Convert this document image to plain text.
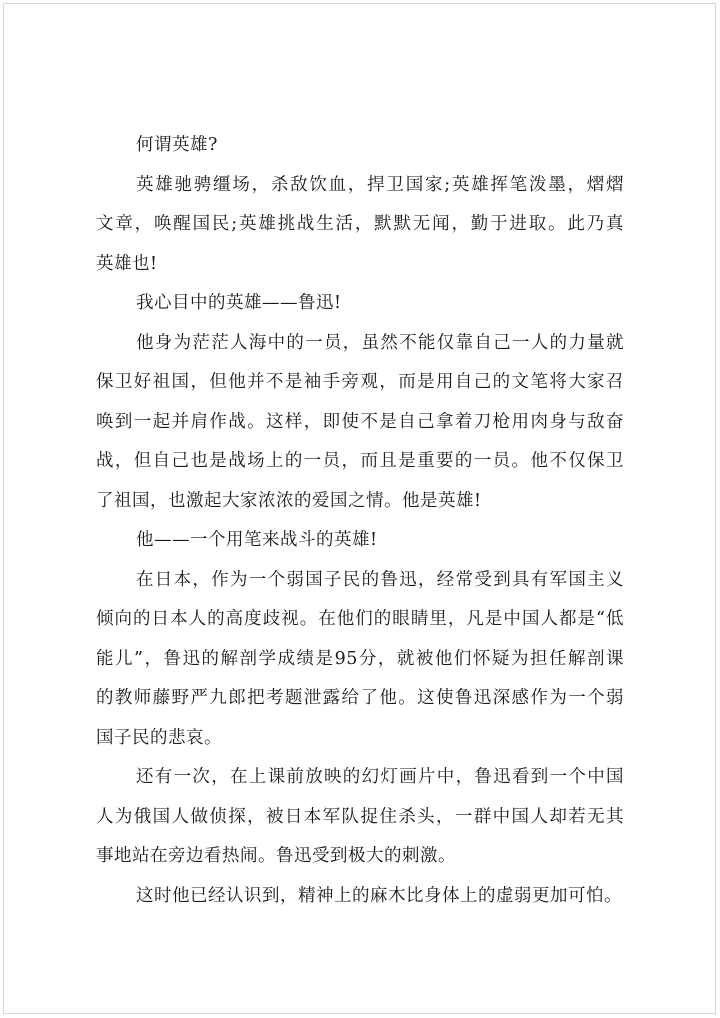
何谓英雄?
英雄驰骋缰场，杀敌饮血，捍卫国家;英雄挥笔泼墨，熠熠
文章，唤醒国民;英雄挑战生活，默默无闻，勤于进取。此乃真
英雄也!
我心目中的英雄——鲁迅!
他身为茫茫人海中的一员，虽然不能仅靠自己一人的力量就
保卫好祖国，但他并不是袖手旁观，而是用自己的文笔将大家召
唤到一起并肩作战。这样，即使不是自己拿着刀枪用肉身与敌奋
战，但自己也是战场上的一员，而且是重要的一员。他不仅保卫
了祖国，也激起大家浓浓的爱国之情。他是英雄!
他——一个用笔来战斗的英雄!
在日本，作为一个弱国子民的鲁迅，经常受到具有军国主义
倾向的日本人的高度歧视。在他们的眼睛里，凡是中国人都是“低
能儿”，鲁迅的解剖学成绩是95分，就被他们怀疑为担任解剖课
的教师藤野严九郎把考题泄露给了他。这使鲁迅深感作为一个弱
国子民的悲哀。
还有一次，在上课前放映的幻灯画片中，鲁迅看到一个中国
人为俄国人做侦探，被日本军队捉住杀头，一群中国人却若无其
事地站在旁边看热闹。鲁迅受到极大的刺激。
这时他已经认识到，精神上的麻木比身体上的虚弱更加可怕。
